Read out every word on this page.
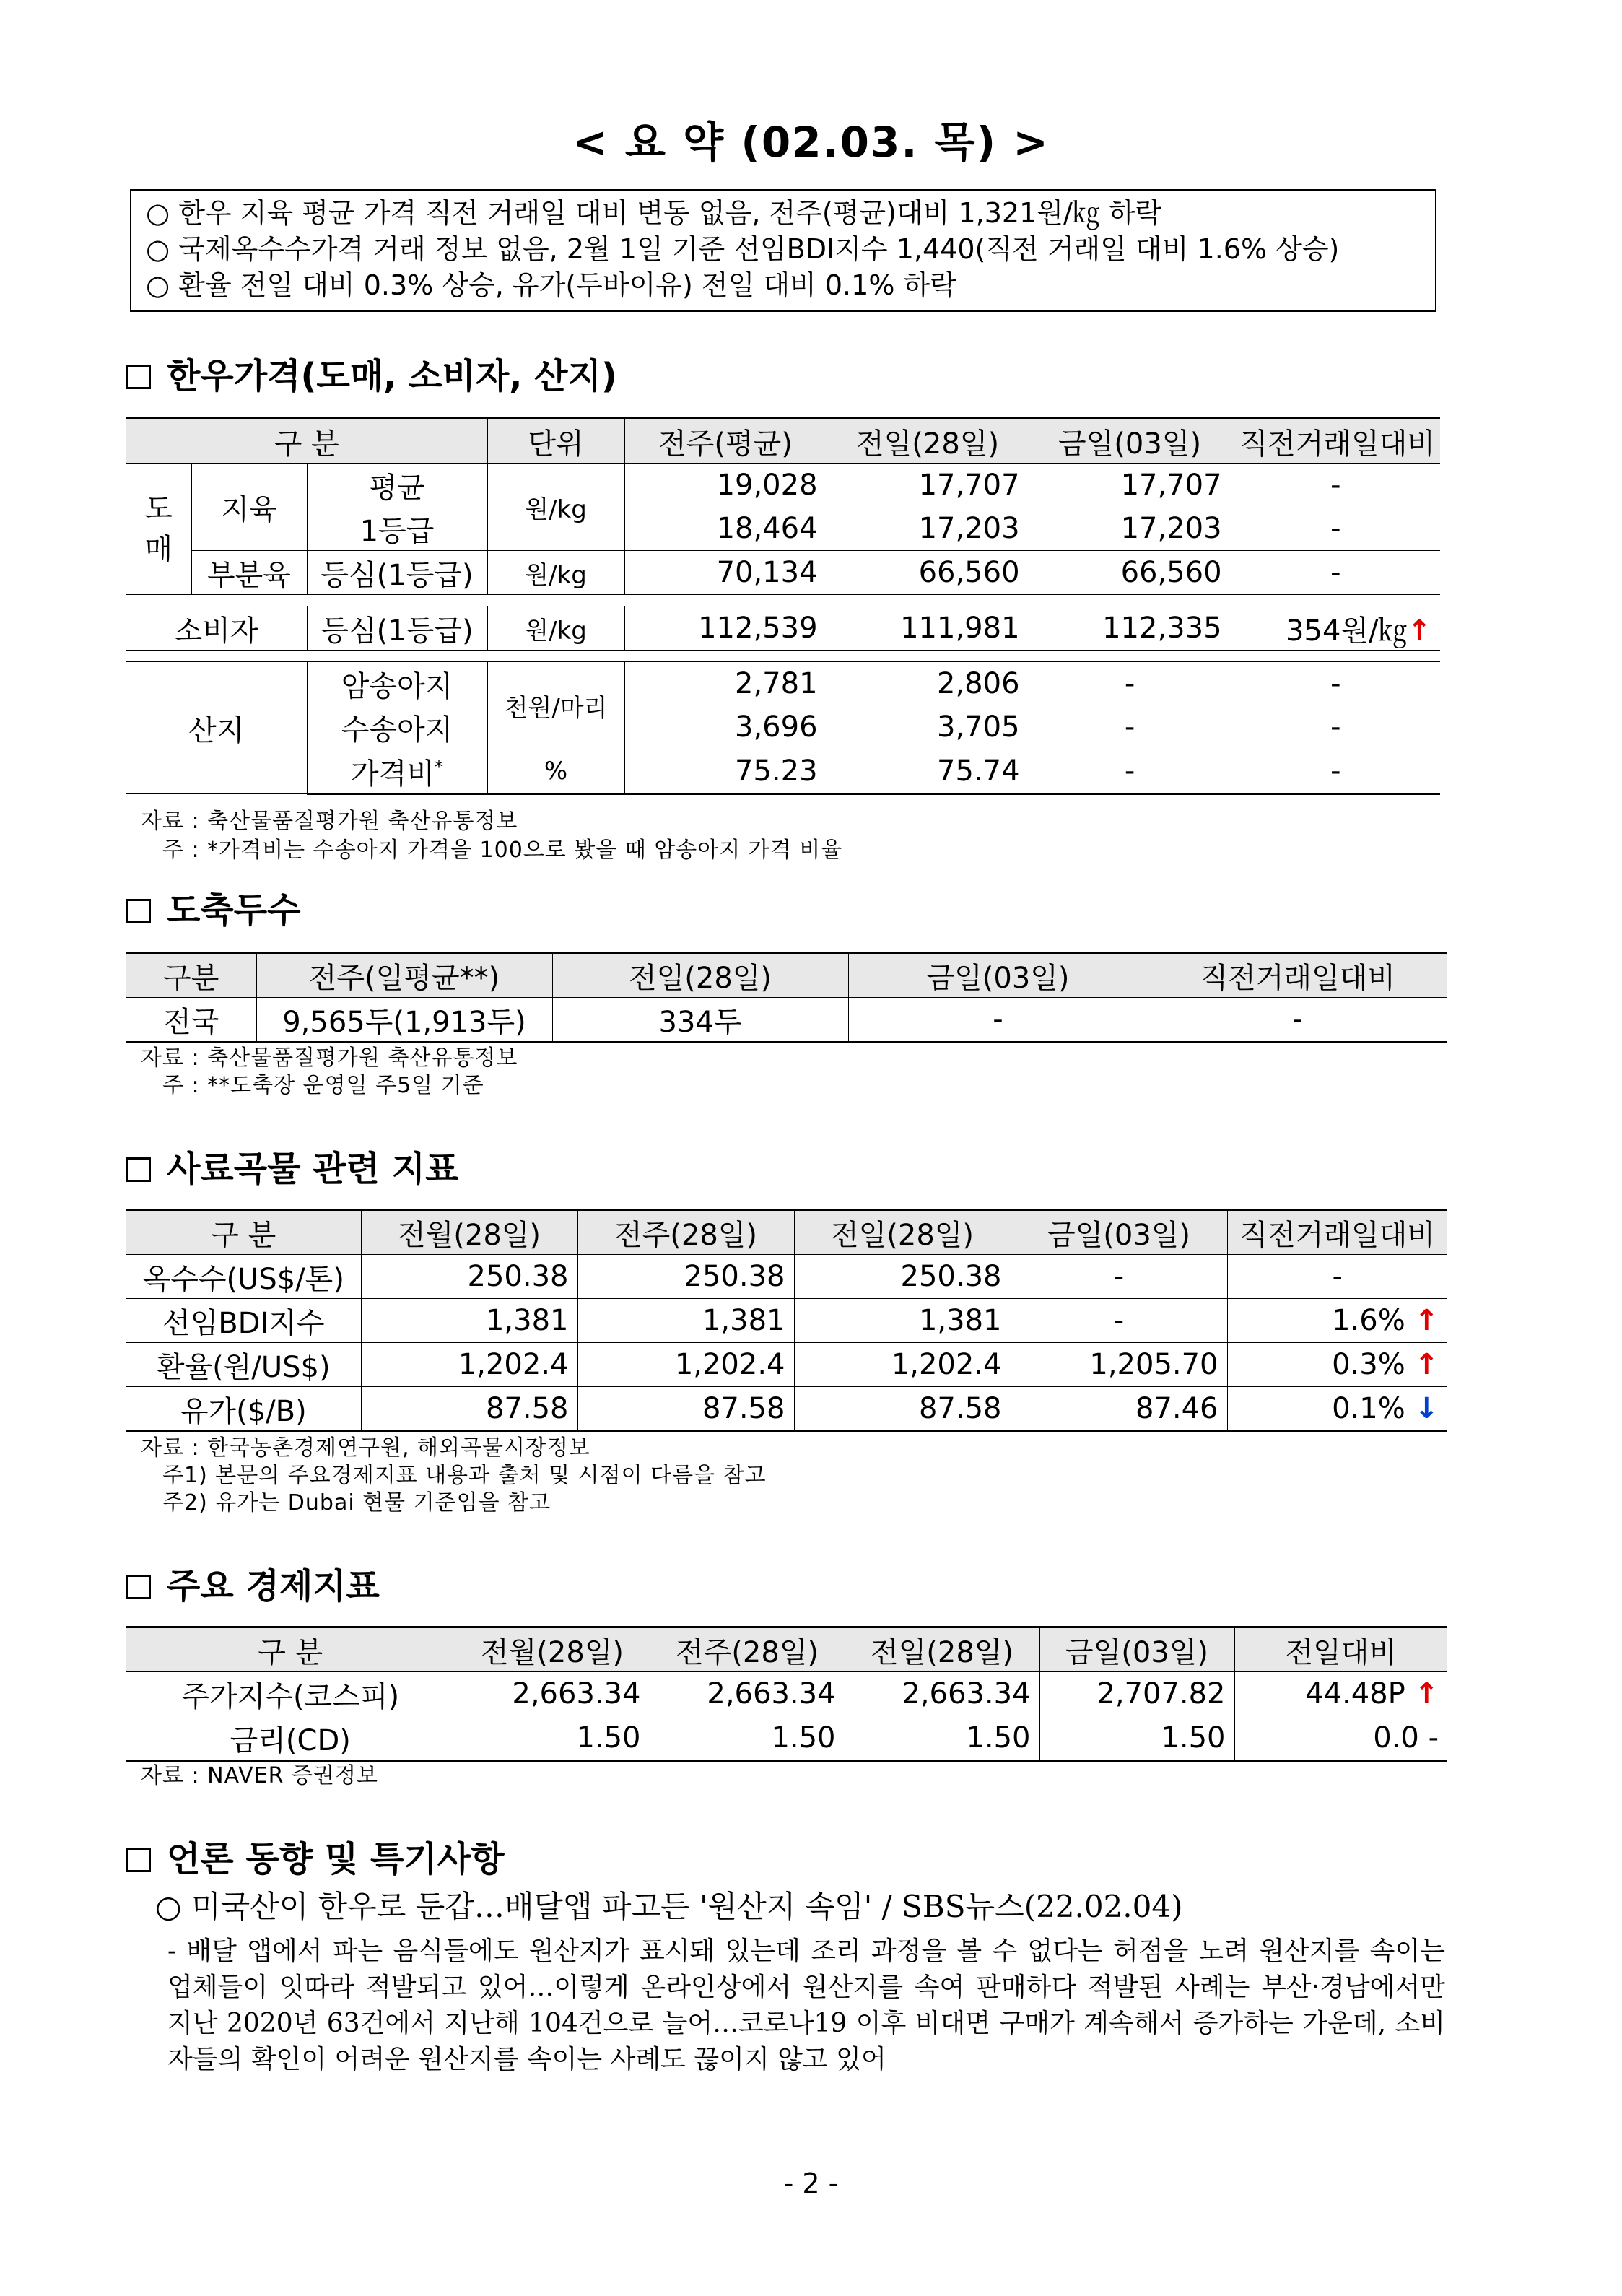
< 요 약 (02.03. 목) >
○ 한우 지육 평균 가격 직전 거래일 대비 변동 없음, 전주(평균)대비 1,321원/㎏ 하락
○ 국제옥수수가격 거래 정보 없음, 2월 1일 기준 선임BDI지수 1,440(직전 거래일 대비 1.6% 상승)
○ 환율 전일 대비 0.3% 상승, 유가(두바이유) 전일 대비 0.1% 하락
한우가격(도매, 소비자, 산지)
구 분			단위	전주(평균)	전일(28일)	금일(03일)	직전거래일대비
도매	지육	평균	원/kg	19,028	17,707	17,707	-
		1등급		18,464	17,203	17,203	-
	부분육	등심(1등급)	원/kg	70,134	66,560	66,560	-

소비자		등심(1등급)	원/kg	112,539	111,981	112,335	354원/㎏↑

산지		암송아지	천원/마리	2,781	2,806	-	-
		수송아지		3,696	3,705	-	-
		가격비*	%	75.23	75.74	-	-
자료 : 축산물품질평가원 축산유통정보
주 : *가격비는 수송아지 가격을 100으로 봤을 때 암송아지 가격 비율
도축두수
구분	전주(일평균**)	전일(28일)	금일(03일)	직전거래일대비
전국	9,565두(1,913두)	334두	-	-
자료 : 축산물품질평가원 축산유통정보
주 : **도축장 운영일 주5일 기준
사료곡물 관련 지표
구 분	전월(28일)	전주(28일)	전일(28일)	금일(03일)	직전거래일대비
옥수수(US$/톤)	250.38	250.38	250.38	-	-
선임BDI지수	1,381	1,381	1,381	-	1.6% ↑
환율(원/US$)	1,202.4	1,202.4	1,202.4	1,205.70	0.3% ↑
유가($/B)	87.58	87.58	87.58	87.46	0.1% ↓
자료 : 한국농촌경제연구원, 해외곡물시장정보
주1) 본문의 주요경제지표 내용과 출처 및 시점이 다름을 참고
주2) 유가는 Dubai 현물 기준임을 참고
주요 경제지표
구 분	전월(28일)	전주(28일)	전일(28일)	금일(03일)	전일대비
주가지수(코스피)	2,663.34	2,663.34	2,663.34	2,707.82	44.48P ↑
금리(CD)	1.50	1.50	1.50	1.50	0.0 -
자료 : NAVER 증권정보
언론 동향 및 특기사항
○ 미국산이 한우로 둔갑…배달앱 파고든 '원산지 속임' / SBS뉴스(22.02.04)
- 배달 앱에서 파는 음식들에도 원산지가 표시돼 있는데 조리 과정을 볼 수 없다는 허점을 노려 원산지를 속이는 업체들이 잇따라 적발되고 있어…이렇게 온라인상에서 원산지를 속여 판매하다 적발된 사례는 부산·경남에서만 지난 2020년 63건에서 지난해 104건으로 늘어…코로나19 이후 비대면 구매가 계속해서 증가하는 가운데, 소비자들의 확인이 어려운 원산지를 속이는 사례도 끊이지 않고 있어
- 2 -
